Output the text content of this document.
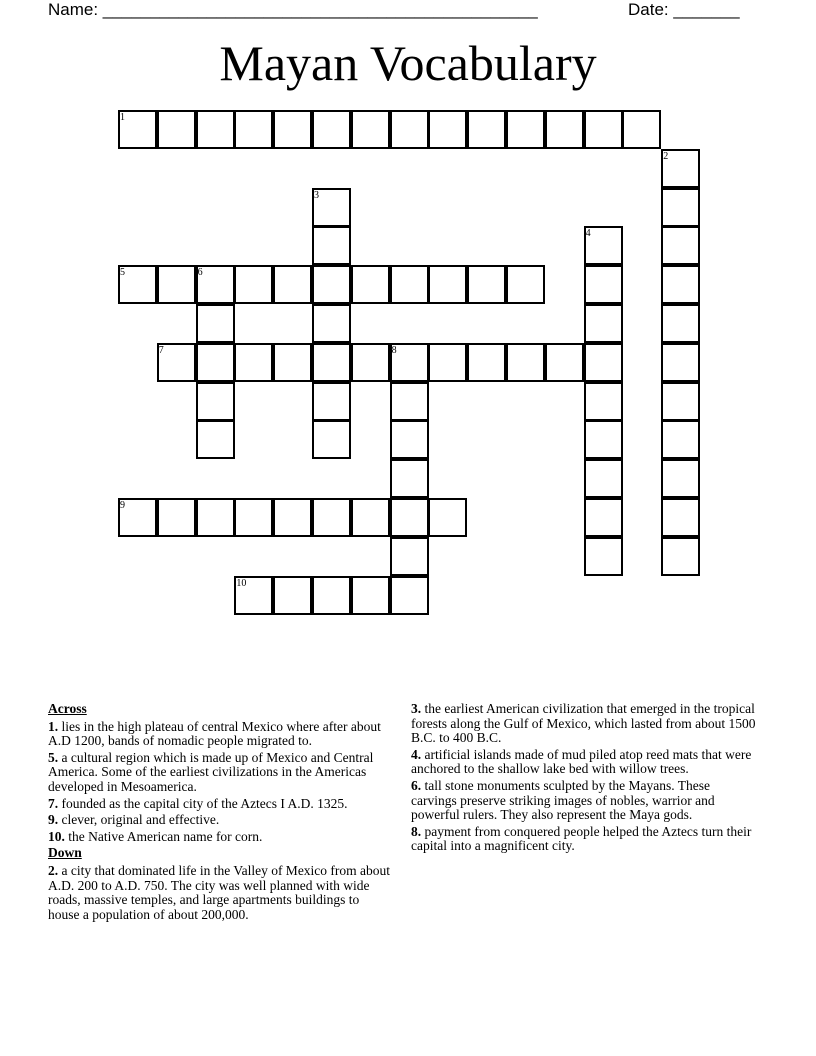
Name: ______________________________________________	Date: _______
Mayan Vocabulary
1
2
3
4
5	6
7	8
9
10
Across
1. lies in the high plateau of central Mexico where after about A.D 1200, bands of nomadic people migrated to.
5. a cultural region which is made up of Mexico and Central America. Some of the earliest civilizations in the Americas developed in Mesoamerica.
7. founded as the capital city of the Aztecs I A.D. 1325.
9. clever, original and effective.
10. the Native American name for corn.
Down
2. a city that dominated life in the Valley of Mexico from about A.D. 200 to A.D. 750. The city was well planned with wide roads, massive temples, and large apartments buildings to house a population of about 200,000.
3. the earliest American civilization that emerged in the tropical forests along the Gulf of Mexico, which lasted from about 1500 B.C. to 400 B.C.
4. artificial islands made of mud piled atop reed mats that were anchored to the shallow lake bed with willow trees.
6. tall stone monuments sculpted by the Mayans. These carvings preserve striking images of nobles, warrior and powerful rulers. They also represent the Maya gods.
8. payment from conquered people helped the Aztecs turn their capital into a magnificent city.
